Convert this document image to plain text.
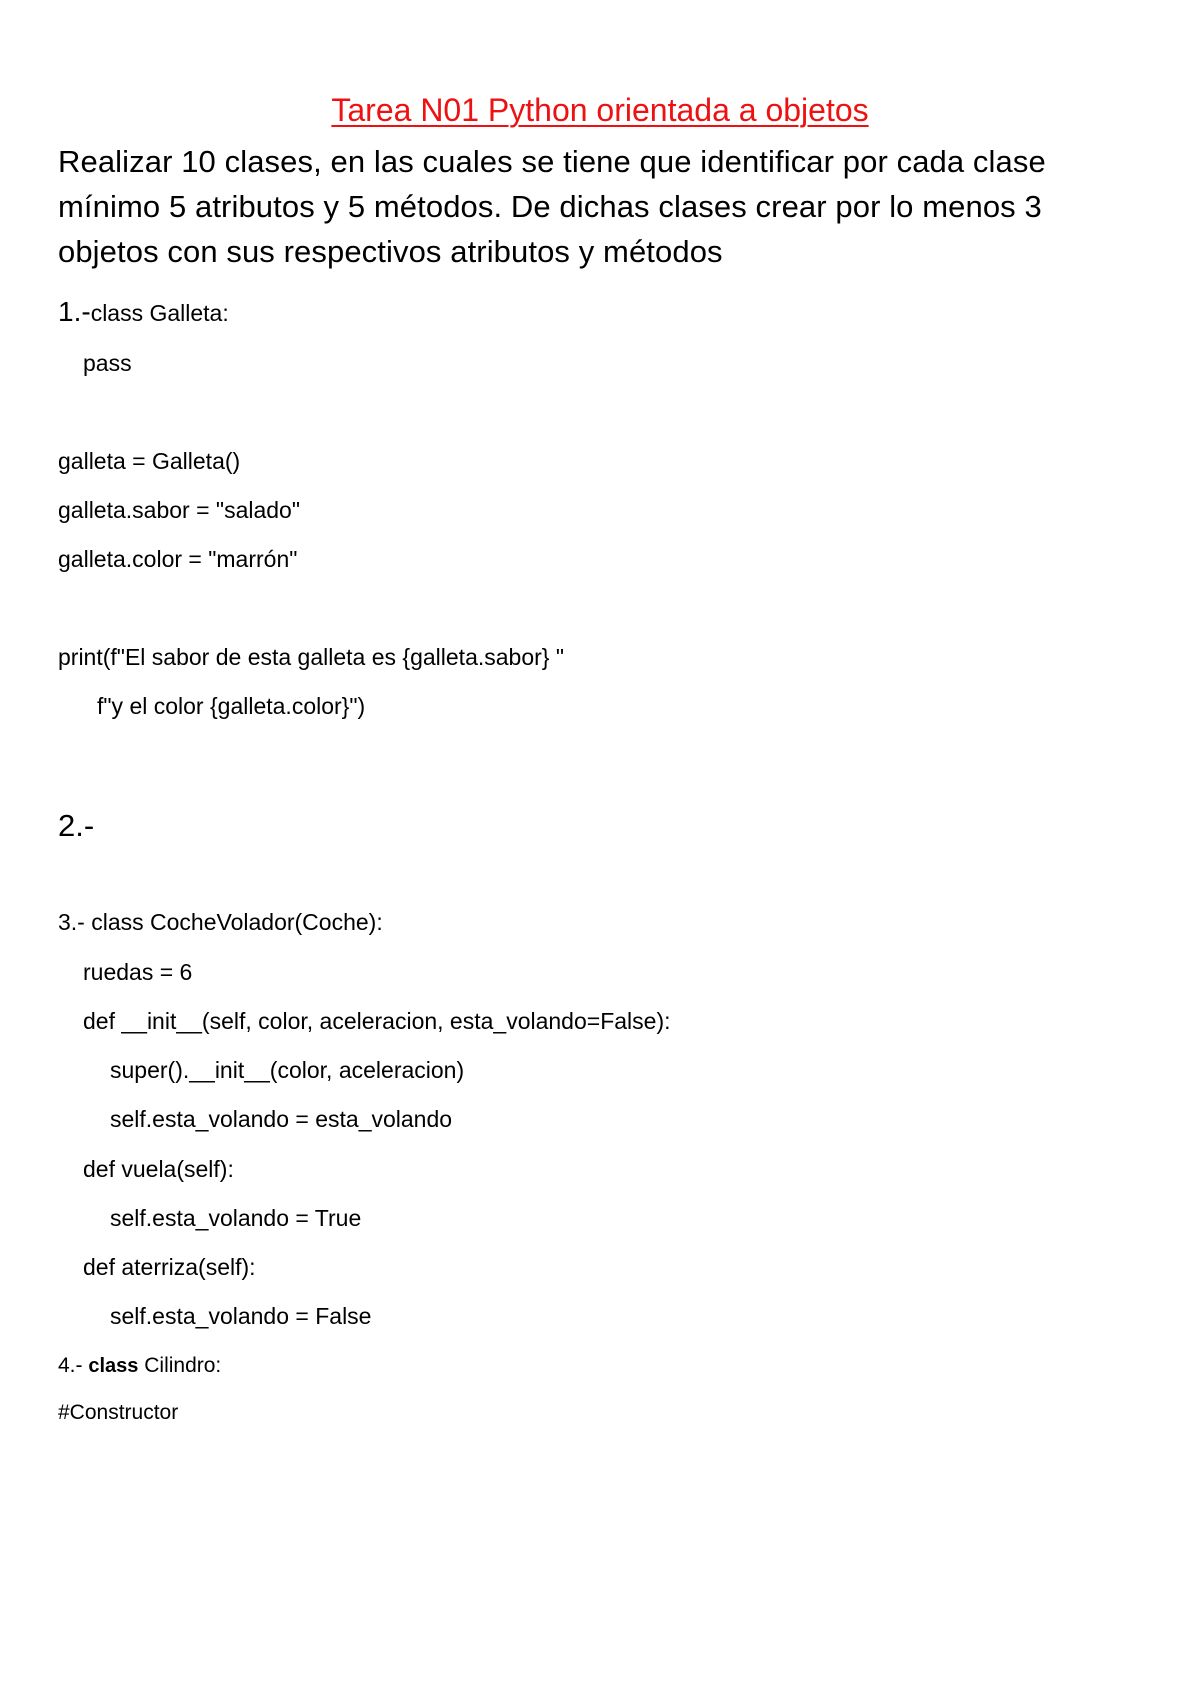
Tarea N01 Python orientada a objetos
Realizar 10 clases, en las cuales se tiene que identificar por cada clase
mínimo 5 atributos y 5 métodos. De dichas clases crear por lo menos 3
objetos con sus respectivos atributos y métodos
1.-class Galleta:
pass
galleta = Galleta()
galleta.sabor = "salado"
galleta.color = "marrón"
print(f"El sabor de esta galleta es {galleta.sabor} "
f"y el color {galleta.color}")
2.-
3.- class CocheVolador(Coche):
ruedas = 6
def __init__(self, color, aceleracion, esta_volando=False):
super().__init__(color, aceleracion)
self.esta_volando = esta_volando
def vuela(self):
self.esta_volando = True
def aterriza(self):
self.esta_volando = False
4.- class Cilindro:
#Constructor
